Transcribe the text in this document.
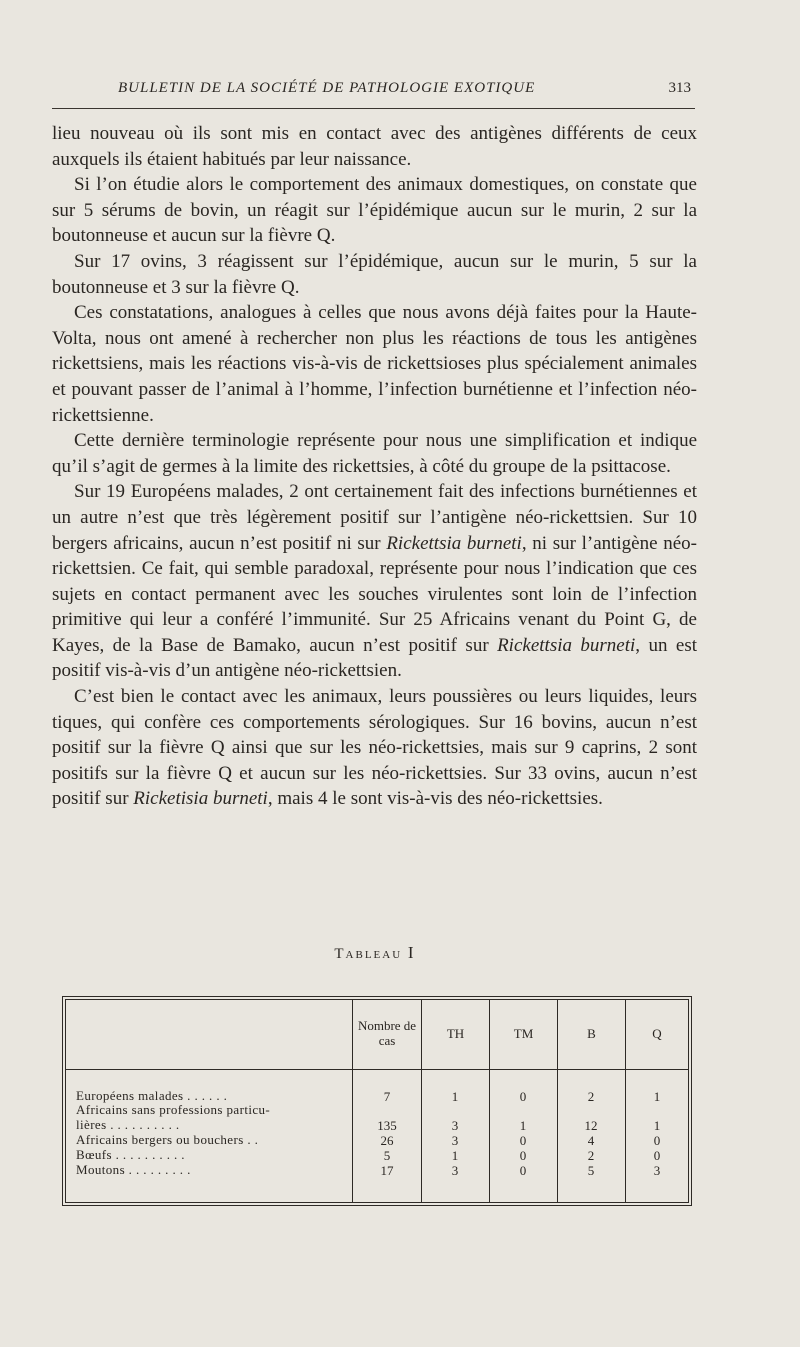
BULLETIN DE LA SOCIÉTÉ DE PATHOLOGIE EXOTIQUE	313

lieu nouveau où ils sont mis en contact avec des antigènes différents de ceux auxquels ils étaient habitués par leur naissance.

Si l’on étudie alors le comportement des animaux domestiques, on constate que sur 5 sérums de bovin, un réagit sur l’épidémique aucun sur le murin, 2 sur la boutonneuse et aucun sur la fièvre Q.

Sur 17 ovins, 3 réagissent sur l’épidémique, aucun sur le murin, 5 sur la boutonneuse et 3 sur la fièvre Q.

Ces constatations, analogues à celles que nous avons déjà faites pour la Haute-Volta, nous ont amené à rechercher non plus les réactions de tous les antigènes rickettsiens, mais les réactions vis-à-vis de rickettsioses plus spécialement animales et pouvant passer de l’animal à l’homme, l’infection burnétienne et l’infection néo-rickettsienne.

Cette dernière terminologie représente pour nous une simplification et indique qu’il s’agit de germes à la limite des rickettsies, à côté du groupe de la psittacose.

Sur 19 Européens malades, 2 ont certainement fait des infections burnétiennes et un autre n’est que très légèrement positif sur l’antigène néo-rickettsien. Sur 10 bergers africains, aucun n’est positif ni sur Rickettsia burneti, ni sur l’antigène néo-rickettsien. Ce fait, qui semble paradoxal, représente pour nous l’indication que ces sujets en contact permanent avec les souches virulentes sont loin de l’infection primitive qui leur a conféré l’immunité. Sur 25 Africains venant du Point G, de Kayes, de la Base de Bamako, aucun n’est positif sur Rickettsia burneti, un est positif vis-à-vis d’un antigène néo-rickettsien.

C’est bien le contact avec les animaux, leurs poussières ou leurs liquides, leurs tiques, qui confère ces comportements sérologiques. Sur 16 bovins, aucun n’est positif sur la fièvre Q ainsi que sur les néo-rickettsies, mais sur 9 caprins, 2 sont positifs sur la fièvre Q et aucun sur les néo-rickettsies. Sur 33 ovins, aucun n’est positif sur Ricketisia burneti, mais 4 le sont vis-à-vis des néo-rickettsies.

Tableau I
Nombre de cas	TH	TM	B	Q
Européens malades . . . . . .	7	1	0	2	1
Africains sans professions particu-
lières . . . . . . . . . .	135	3	1	12	1
Africains bergers ou bouchers . .	26	3	0	4	0
Bœufs . . . . . . . . . .	5	1	0	2	0
Moutons . . . . . . . . .	17	3	0	5	3
